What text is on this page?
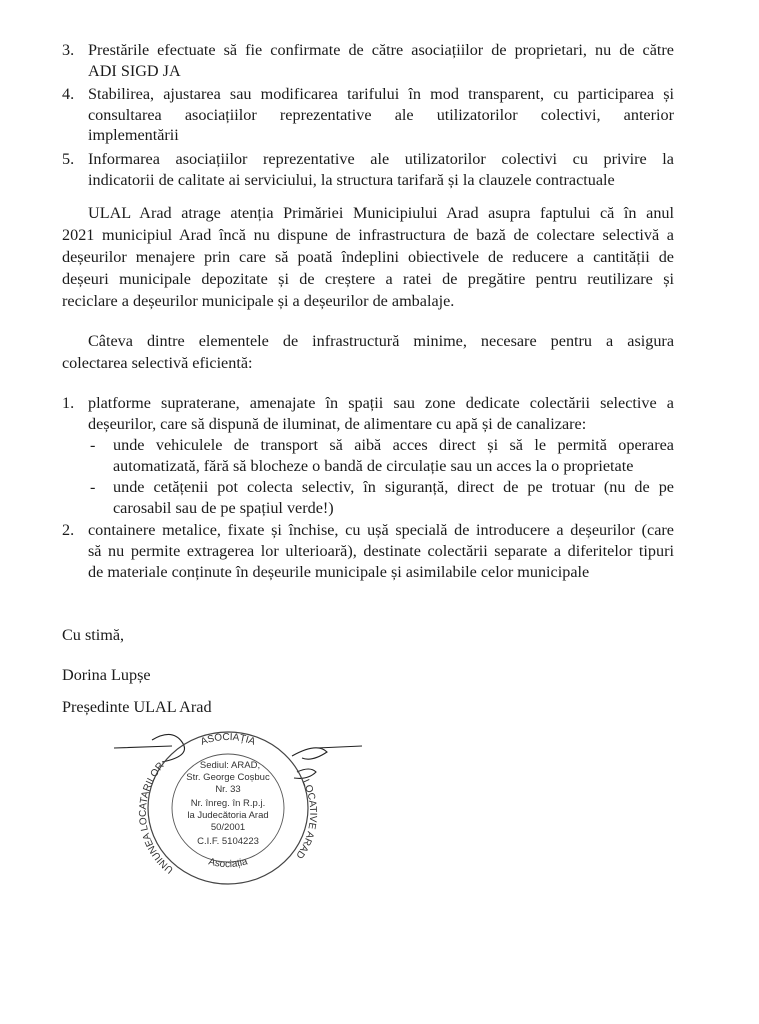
3. Prestările efectuate să fie confirmate de către asociațiilor de proprietari, nu de către
ADI SIGD JA
4. Stabilirea, ajustarea sau modificarea tarifului în mod transparent, cu participarea și
consultarea asociațiilor reprezentative ale utilizatorilor colectivi, anterior
implementării
5. Informarea asociațiilor reprezentative ale utilizatorilor colectivi cu privire la
indicatorii de calitate ai serviciului, la structura tarifară și la clauzele contractuale
ULAL Arad atrage atenția Primăriei Municipiului Arad asupra faptului că în anul
2021 municipiul Arad încă nu dispune de infrastructura de bază de colectare selectivă a
deșeurilor menajere prin care să poată îndeplini obiectivele de reducere a cantității de
deșeuri municipale depozitate și de creștere a ratei de pregătire pentru reutilizare și
reciclare a deșeurilor municipale și a deșeurilor de ambalaje.
Câteva dintre elementele de infrastructură minime, necesare pentru a asigura
colectarea selectivă eficientă:
1. platforme supraterane, amenajate în spații sau zone dedicate colectării selective a
deșeurilor, care să dispună de iluminat, de alimentare cu apă și de canalizare:
- unde vehiculele de transport să aibă acces direct și să le permită operarea
automatizată, fără să blocheze o bandă de circulație sau un acces la o proprietate
- unde cetățenii pot colecta selectiv, în siguranță, direct de pe trotuar (nu de pe
carosabil sau de pe spațiul verde!)
2. containere metalice, fixate și închise, cu ușă specială de introducere a deșeurilor (care
să nu permite extragerea lor ulterioară), destinate colectării separate a diferitelor tipuri
de materiale conținute în deșeurile municipale și asimilabile celor municipale
Cu stimă,
Dorina Lupșe
Președinte ULAL Arad
ASOCIAȚIA
UNIUNEA LOCATARILOR
LOCATIVE ARAD
Asociația
Sediul: ARAD,
Str. George Coșbuc
Nr. 33
Nr. înreg. în R.p.j.
la Judecătoria Arad
50/2001
C.I.F. 5104223
